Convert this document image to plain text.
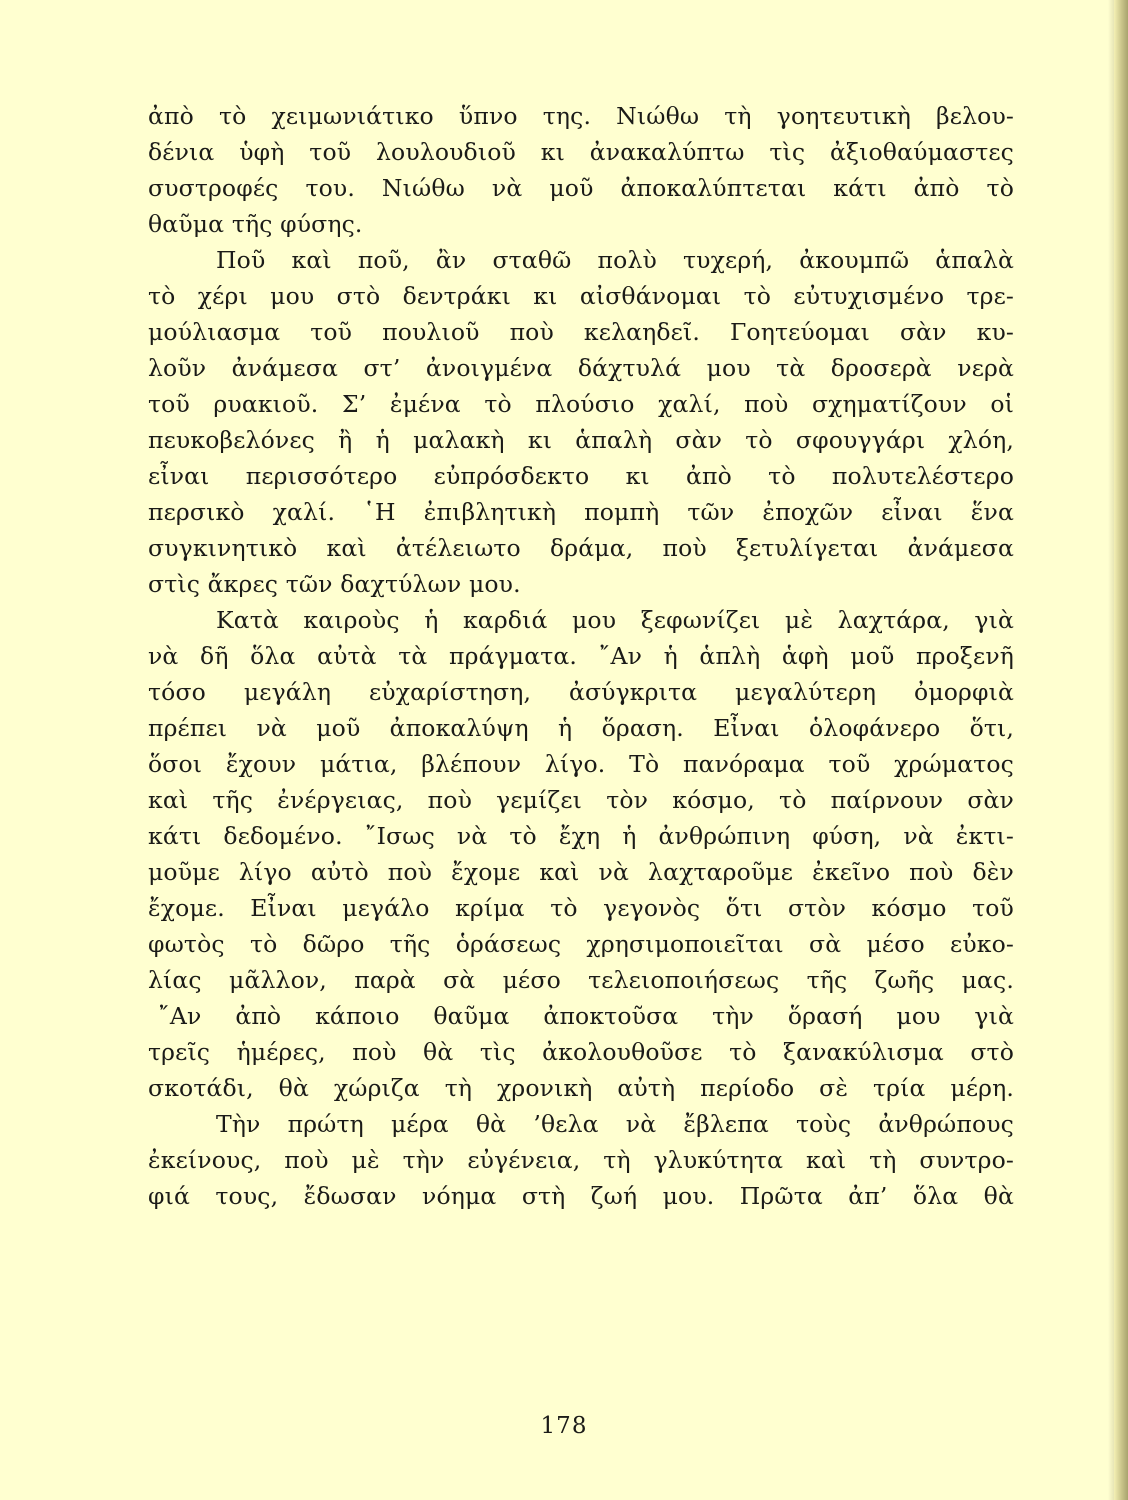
ἀπὸ τὸ χειμωνιάτικο ὕπνο της. Νιώθω τὴ γοητευτικὴ βελου-
δένια ὑφὴ τοῦ λουλουδιοῦ κι ἀνακαλύπτω τὶς ἀξιοθαύμαστες
συστροφές του. Νιώθω νὰ μοῦ ἀποκαλύπτεται κάτι ἀπὸ τὸ
θαῦμα τῆς φύσης.
Ποῦ καὶ ποῦ, ἂν σταθῶ πολὺ τυχερή, ἀκουμπῶ ἁπαλὰ
τὸ χέρι μου στὸ δεντράκι κι αἰσθάνομαι τὸ εὐτυχισμένο τρε-
μούλιασμα τοῦ πουλιοῦ ποὺ κελαηδεῖ. Γοητεύομαι σὰν κυ-
λοῦν ἀνάμεσα στ’ ἀνοιγμένα δάχτυλά μου τὰ δροσερὰ νερὰ
τοῦ ρυακιοῦ. Σ’ ἐμένα τὸ πλούσιο χαλί, ποὺ σχηματίζουν οἱ
πευκοβελόνες ἢ ἡ μαλακὴ κι ἁπαλὴ σὰν τὸ σφουγγάρι χλόη,
εἶναι περισσότερο εὐπρόσδεκτο κι ἀπὸ τὸ πολυτελέστερο
περσικὸ χαλί. ῾Η ἐπιβλητικὴ πομπὴ τῶν ἐποχῶν εἶναι ἕνα
συγκινητικὸ καὶ ἀτέλειωτο δράμα, ποὺ ξετυλίγεται ἀνάμεσα
στὶς ἄκρες τῶν δαχτύλων μου.
Κατὰ καιροὺς ἡ καρδιά μου ξεφωνίζει μὲ λαχτάρα, γιὰ
νὰ δῆ ὅλα αὐτὰ τὰ πράγματα. ῎Αν ἡ ἁπλὴ ἁφὴ μοῦ προξενῆ
τόσο μεγάλη εὐχαρίστηση, ἀσύγκριτα μεγαλύτερη ὀμορφιὰ
πρέπει νὰ μοῦ ἀποκαλύψη ἡ ὅραση. Εἶναι ὁλοφάνερο ὅτι,
ὅσοι ἔχουν μάτια, βλέπουν λίγο. Τὸ πανόραμα τοῦ χρώματος
καὶ τῆς ἐνέργειας, ποὺ γεμίζει τὸν κόσμο, τὸ παίρνουν σὰν
κάτι δεδομένο. ῎Ισως νὰ τὸ ἔχη ἡ ἀνθρώπινη φύση, νὰ ἐκτι-
μοῦμε λίγο αὐτὸ ποὺ ἔχομε καὶ νὰ λαχταροῦμε ἐκεῖνο ποὺ δὲν
ἔχομε. Εἶναι μεγάλο κρίμα τὸ γεγονὸς ὅτι στὸν κόσμο τοῦ
φωτὸς τὸ δῶρο τῆς ὁράσεως χρησιμοποιεῖται σὰ μέσο εὐκο-
λίας μᾶλλον, παρὰ σὰ μέσο τελειοποιήσεως τῆς ζωῆς μας.
῎Αν ἀπὸ κάποιο θαῦμα ἀποκτοῦσα τὴν ὅρασή μου γιὰ
τρεῖς ἡμέρες, ποὺ θὰ τὶς ἀκολουθοῦσε τὸ ξανακύλισμα στὸ
σκοτάδι, θὰ χώριζα τὴ χρονικὴ αὐτὴ περίοδο σὲ τρία μέρη.
Τὴν πρώτη μέρα θὰ ’θελα νὰ ἔβλεπα τοὺς ἀνθρώπους
ἐκείνους, ποὺ μὲ τὴν εὐγένεια, τὴ γλυκύτητα καὶ τὴ συντρο-
φιά τους, ἔδωσαν νόημα στὴ ζωή μου. Πρῶτα ἀπ’ ὅλα θὰ
178
